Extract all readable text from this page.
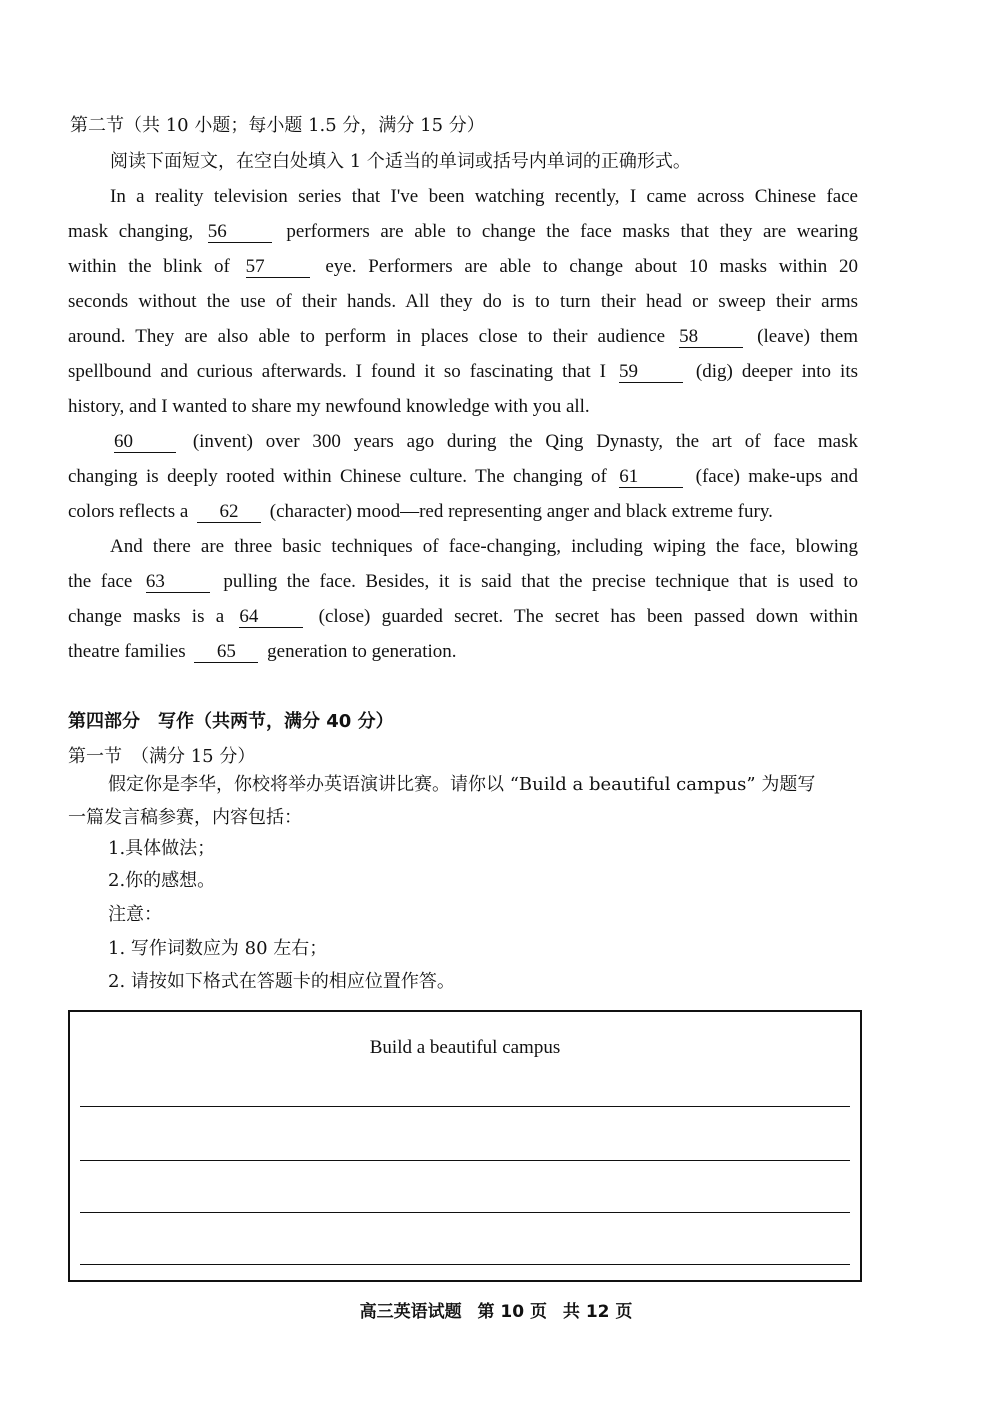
第二节（共 10 小题；每小题 1.5 分，满分 15 分）
阅读下面短文，在空白处填入 1 个适当的单词或括号内单词的正确形式。
In a reality television series that I've been watching recently, I came across Chinese face
mask changing, 56	performers are able to change the face masks that they are wearing
within the blink of 57	eye. Performers are able to change about 10 masks within 20
seconds without the use of their hands. All they do is to turn their head or sweep their arms
around. They are also able to perform in places close to their audience 58	(leave) them
spellbound and curious afterwards. I found it so fascinating that I 59	(dig) deeper into its
history, and I wanted to share my newfound knowledge with you all.
60 (invent) over 300 years ago during the Qing Dynasty, the art of face mask
changing is deeply rooted within Chinese culture. The changing of 61	(face) make-ups and
colors reflects a 62 (character) mood—red representing anger and black extreme fury.
And there are three basic techniques of face-changing, including wiping the face, blowing
the face 63	pulling the face. Besides, it is said that the precise technique that is used to
change masks is a 64	(close) guarded secret. The secret has been passed down within
theatre families 65 generation to generation.
第四部分　写作（共两节，满分 40 分）
第一节　（满分 15 分）
假定你是李华，你校将举办英语演讲比赛。请你以 “Build a beautiful campus” 为题写
一篇发言稿参赛，内容包括：
1.具体做法；
2.你的感想。
注意：
1. 写作词数应为 80 左右；
2. 请按如下格式在答题卡的相应位置作答。
Build a beautiful campus
高三英语试题 第 10 页 共 12 页
